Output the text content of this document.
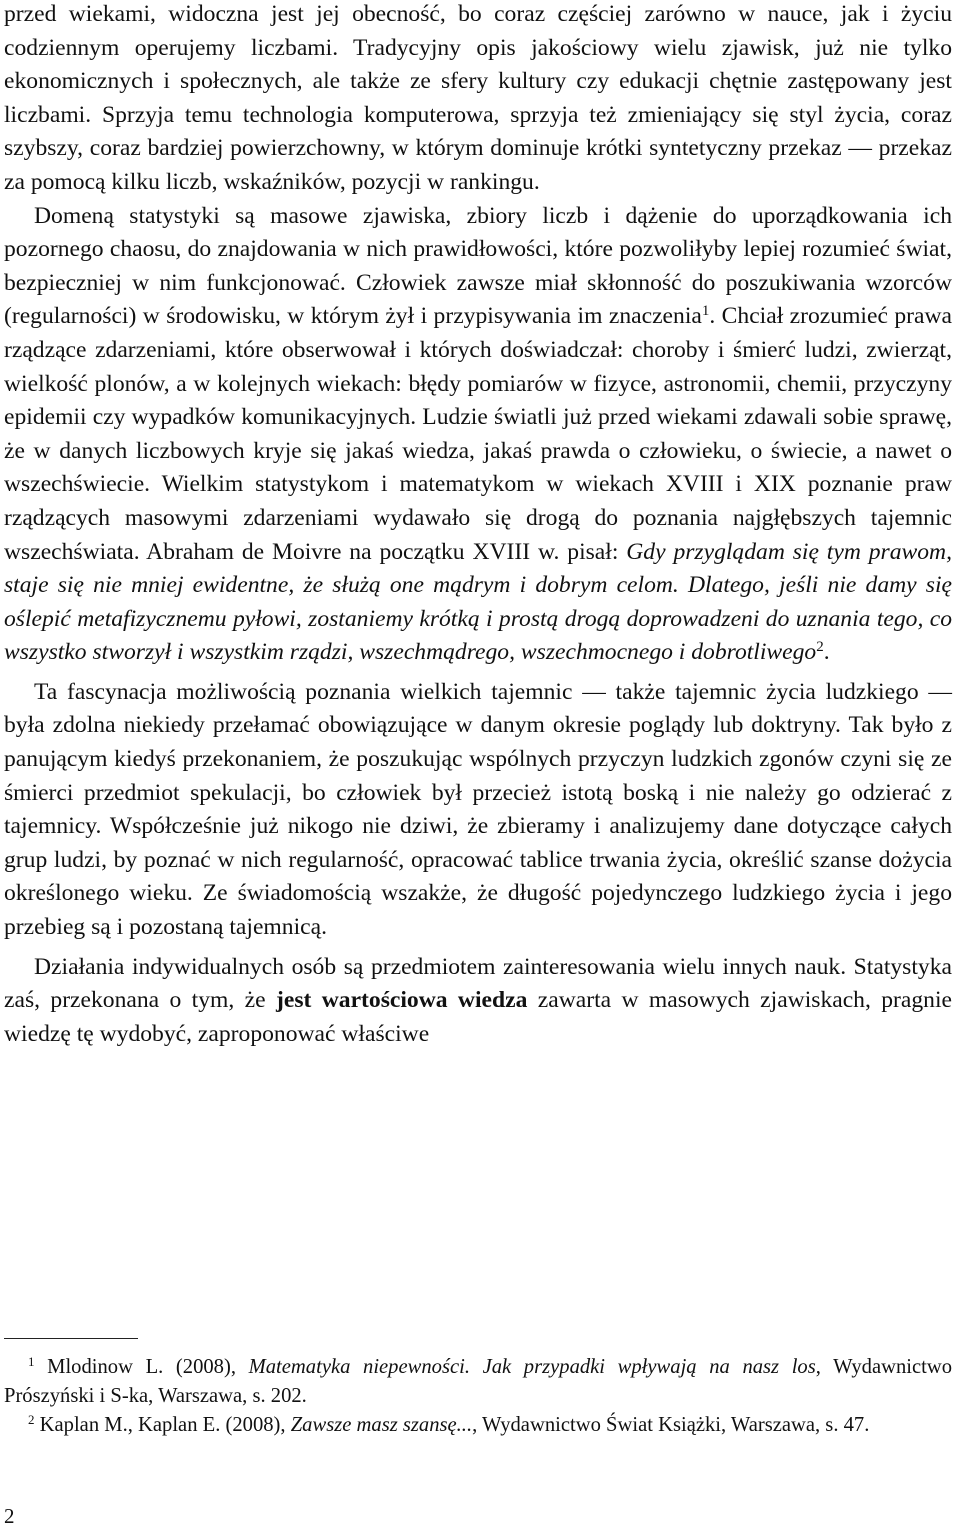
przed wiekami, widoczna jest jej obecność, bo coraz częściej zarówno w nauce, jak i życiu codziennym operujemy liczbami. Tradycyjny opis jakościowy wielu zjawisk, już nie tylko ekonomicznych i społecznych, ale także ze sfery kultury czy edukacji chętnie zastępowany jest liczbami. Sprzyja temu technologia komputerowa, sprzyja też zmieniający się styl życia, coraz szybszy, coraz bardziej powierzchowny, w którym dominuje krótki syntetyczny przekaz — przekaz za pomocą kilku liczb, wskaźników, pozycji w rankingu.

Domeną statystyki są masowe zjawiska, zbiory liczb i dążenie do uporządkowania ich pozornego chaosu, do znajdowania w nich prawidłowości, które pozwoliłyby lepiej rozumieć świat, bezpieczniej w nim funkcjonować. Człowiek zawsze miał skłonność do poszukiwania wzorców (regularności) w środowisku, w którym żył i przypisywania im znaczenia$^1$. Chciał zrozumieć prawa rządzące zdarzeniami, które obserwował i których doświadczał: choroby i śmierć ludzi, zwierząt, wielkość plonów, a w kolejnych wiekach: błędy pomiarów w fizyce, astronomii, chemii, przyczyny epidemii czy wypadków komunikacyjnych. Ludzie światli już przed wiekami zdawali sobie sprawę, że w danych liczbowych kryje się jakaś wiedza, jakaś prawda o człowieku, o świecie, a nawet o wszechświecie. Wielkim statystykom i matematykom w wiekach XVIII i XIX poznanie praw rządzących masowymi zdarzeniami wydawało się drogą do poznania najgłębszych tajemnic wszechświata. Abraham de Moivre na początku XVIII w. pisał: Gdy przyglądam się tym prawom, staje się nie mniej ewidentne, że służą one mądrym i dobrym celom. Dlatego, jeśli nie damy się oślepić metafizycznemu pyłowi, zostaniemy krótką i prostą drogą doprowadzeni do uznania tego, co wszystko stworzył i wszystkim rządzi, wszechmądrego, wszechmocnego i dobrotliwego$^2$.

Ta fascynacja możliwością poznania wielkich tajemnic — także tajemnic życia ludzkiego — była zdolna niekiedy przełamać obowiązujące w danym okresie poglądy lub doktryny. Tak było z panującym kiedyś przekonaniem, że poszukując wspólnych przyczyn ludzkich zgonów czyni się ze śmierci przedmiot spekulacji, bo człowiek był przecież istotą boską i nie należy go odzierać z tajemnicy. Współcześnie już nikogo nie dziwi, że zbieramy i analizujemy dane dotyczące całych grup ludzi, by poznać w nich regularność, opracować tablice trwania życia, określić szanse dożycia określonego wieku. Ze świadomością wszakże, że długość pojedynczego ludzkiego życia i jego przebieg są i pozostaną tajemnicą.

Działania indywidualnych osób są przedmiotem zainteresowania wielu innych nauk. Statystyka zaś, przekonana o tym, że jest wartościowa wiedza zawarta w masowych zjawiskach, pragnie wiedzę tę wydobyć, zaproponować właściwe

$^1$ Mlodinow L. (2008), Matematyka niepewności. Jak przypadki wpływają na nasz los, Wydawnictwo Prószyński i S-ka, Warszawa, s. 202.

$^2$ Kaplan M., Kaplan E. (2008), Zawsze masz szansę..., Wydawnictwo Świat Książki, Warszawa, s. 47.

2
